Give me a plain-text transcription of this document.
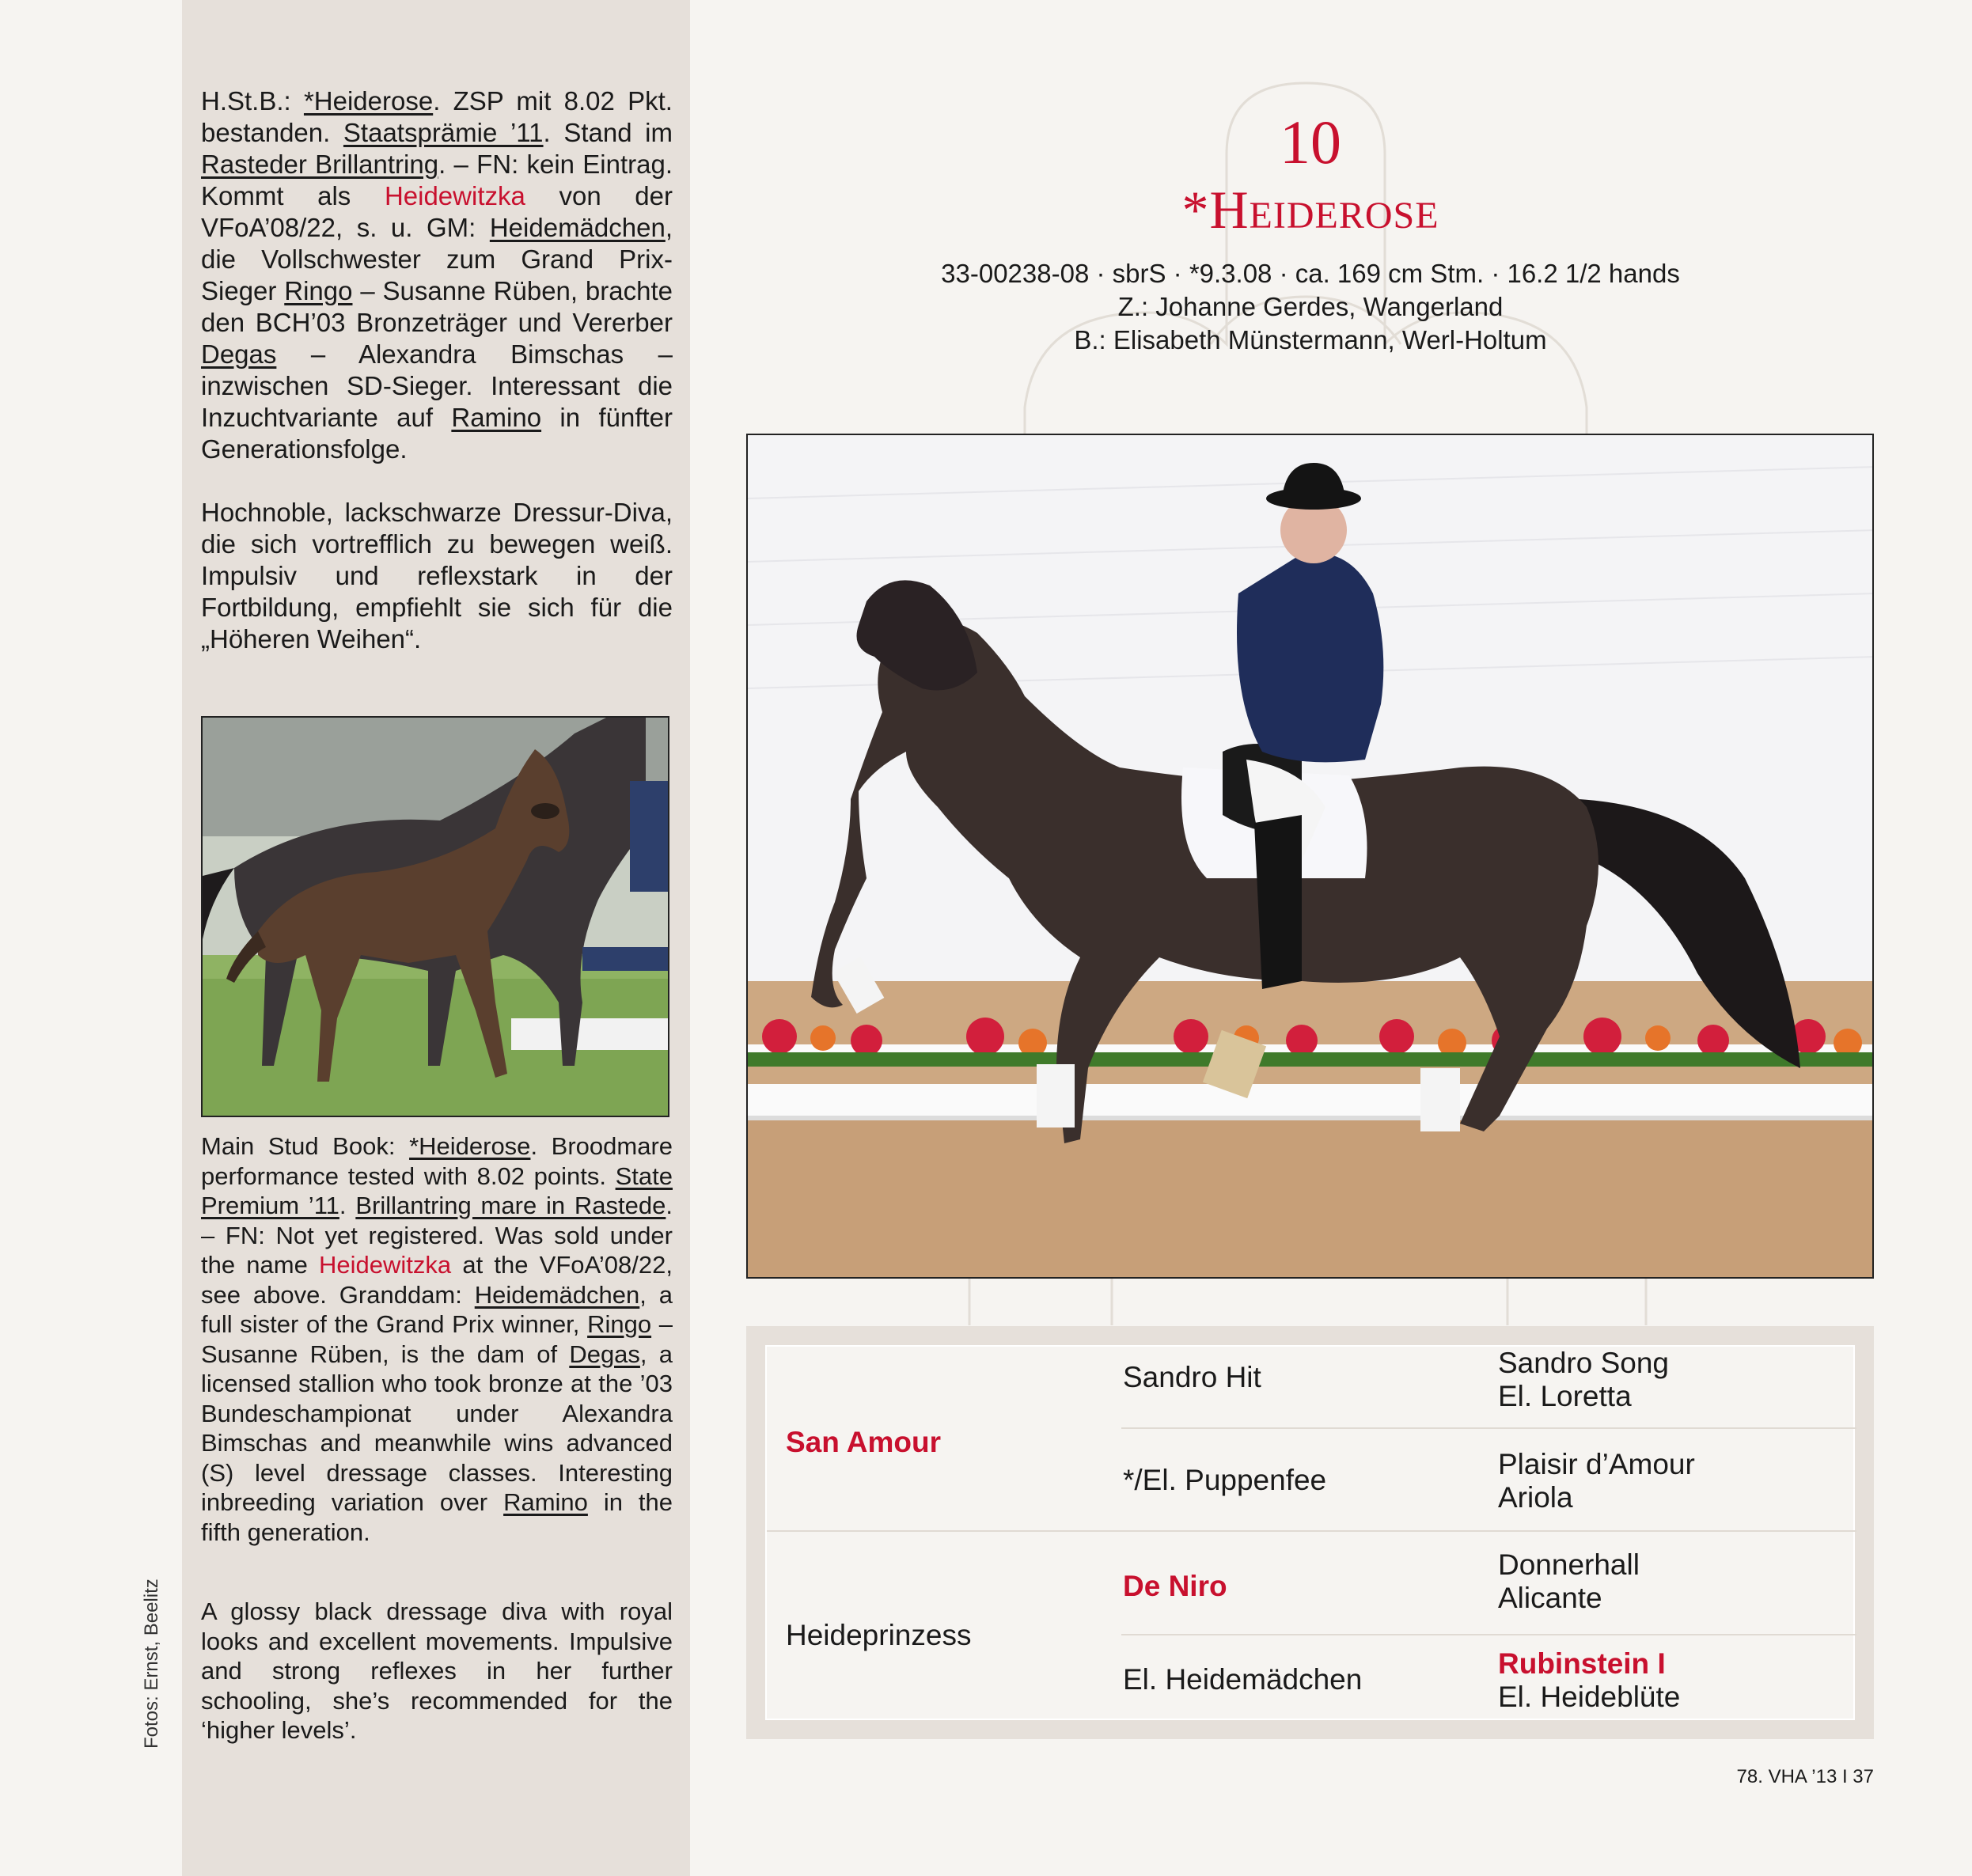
H.St.B.: *Heiderose. ZSP mit 8.02 Pkt. bestanden. Staatsprämie ’11. Stand im Rasteder Brillantring. – FN: kein Eintrag. Kommt als Heidewitzka von der VFoA’08/22, s. u. GM: Heidemädchen, die Vollschwester zum Grand Prix-Sieger Ringo – Susanne Rüben, brachte den BCH’03 Bronzeträger und Vererber Degas – Alexandra Bimschas – inzwischen SD-Sieger. Interessant die Inzuchtvariante auf Ramino in fünfter Generationsfolge.

Hochnoble, lackschwarze Dressur-Diva, die sich vortrefflich zu bewegen weiß. Impulsiv und reflexstark in der Fortbildung, empfiehlt sie sich für die „Höheren Weihen“.

Main Stud Book: *Heiderose. Broodmare performance tested with 8.02 points. State Premium ’11. Brillantring mare in Rastede. – FN: Not yet registered. Was sold under the name Heidewitzka at the VFoA’08/22, see above. Granddam: Heidemädchen, a full sister of the Grand Prix winner, Ringo – Susanne Rüben, is the dam of Degas, a licensed stallion who took bronze at the ’03 Bundeschampionat under Alexandra Bimschas and meanwhile wins advanced (S) level dressage classes. Interesting inbreeding variation over Ramino in the fifth generation.

A glossy black dressage diva with royal looks and excellent movements. Impulsive and strong reflexes in her further schooling, she’s recommended for the ‘higher levels’.
Fotos: Ernst, Beelitz
10
*Heiderose
33-00238-08 · sbrS · *9.3.08 · ca. 169 cm Stm. · 16.2 1/2 hands
Z.: Johanne Gerdes, Wangerland
B.: Elisabeth Münstermann, Werl-Holtum
San Amour
Heideprinzess
Sandro Hit
*/El. Puppenfee
De Niro
El. Heidemädchen
Sandro Song
El. Loretta
Plaisir d’Amour
Ariola
Donnerhall
Alicante
Rubinstein I
El. Heideblüte
78. VHA ’13 I 37
